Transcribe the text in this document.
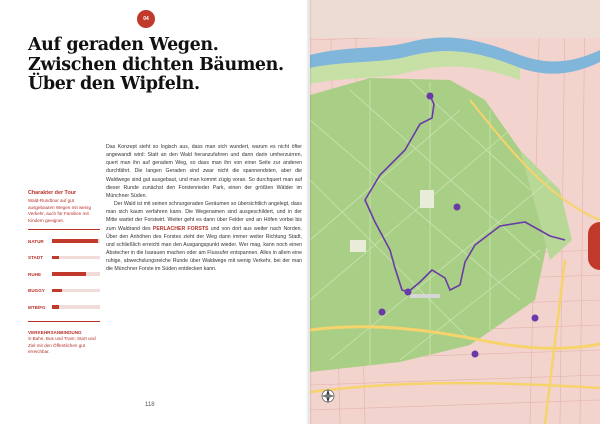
04
Auf geraden Wegen.
Zwischen dichten Bäumen.
Über den Wipfeln.
Charakter der Tour
Wald-Rundtour auf gut ausgebauten Wegen mit wenig Verkehr, auch für Familien mit Kindern geeignet.
NATUR
STADT
RUHE
BUGGY
MTB/FG
VERKEHRSANBINDUNG
S-Bahn, Bus und Tram; Start und Ziel mit den Öffentlichen gut erreichbar.

Das Konzept sieht so logisch aus, dass man sich wundert, warum es nicht öfter angewandt wird: Statt an den Wald heranzufahren und dann darin umherzuirren, quert man ihn auf geradem Weg, so dass man ihn von einer Seite zur anderen durchfährt. Die langen Geraden sind zwar nicht die spannendsten, aber die Waldwege sind gut ausgebaut, und man kommt zügig voran. So durchquert man auf dieser Runde zunächst den Forstenrieder Park, einen der größten Wälder im Münchner Süden.

Der Wald ist mit seinen schnurgeraden Geräumen so übersichtlich angelegt, dass man sich kaum verfahren kann. Die Wegenamen sind ausgeschildert, und in der Mitte wartet der Forstwirt. Weiter geht es dann über Felder und an Höfen vorbei bis zum Waldrand des PERLACHER FORSTS und von dort aus weiter nach Norden. Über den Anhöhen des Forstes zieht der Weg dann immer weiter Richtung Stadt, und schließlich erreicht man den Ausgangspunkt wieder. Wer mag, kann noch einen Abstecher in die Isarauen machen oder am Flussufer entspannen. Alles in allem eine ruhige, abwechslungsreiche Runde über Waldwege mit wenig Verkehr, bei der man die Münchner Forste im Süden entdecken kann.

118
